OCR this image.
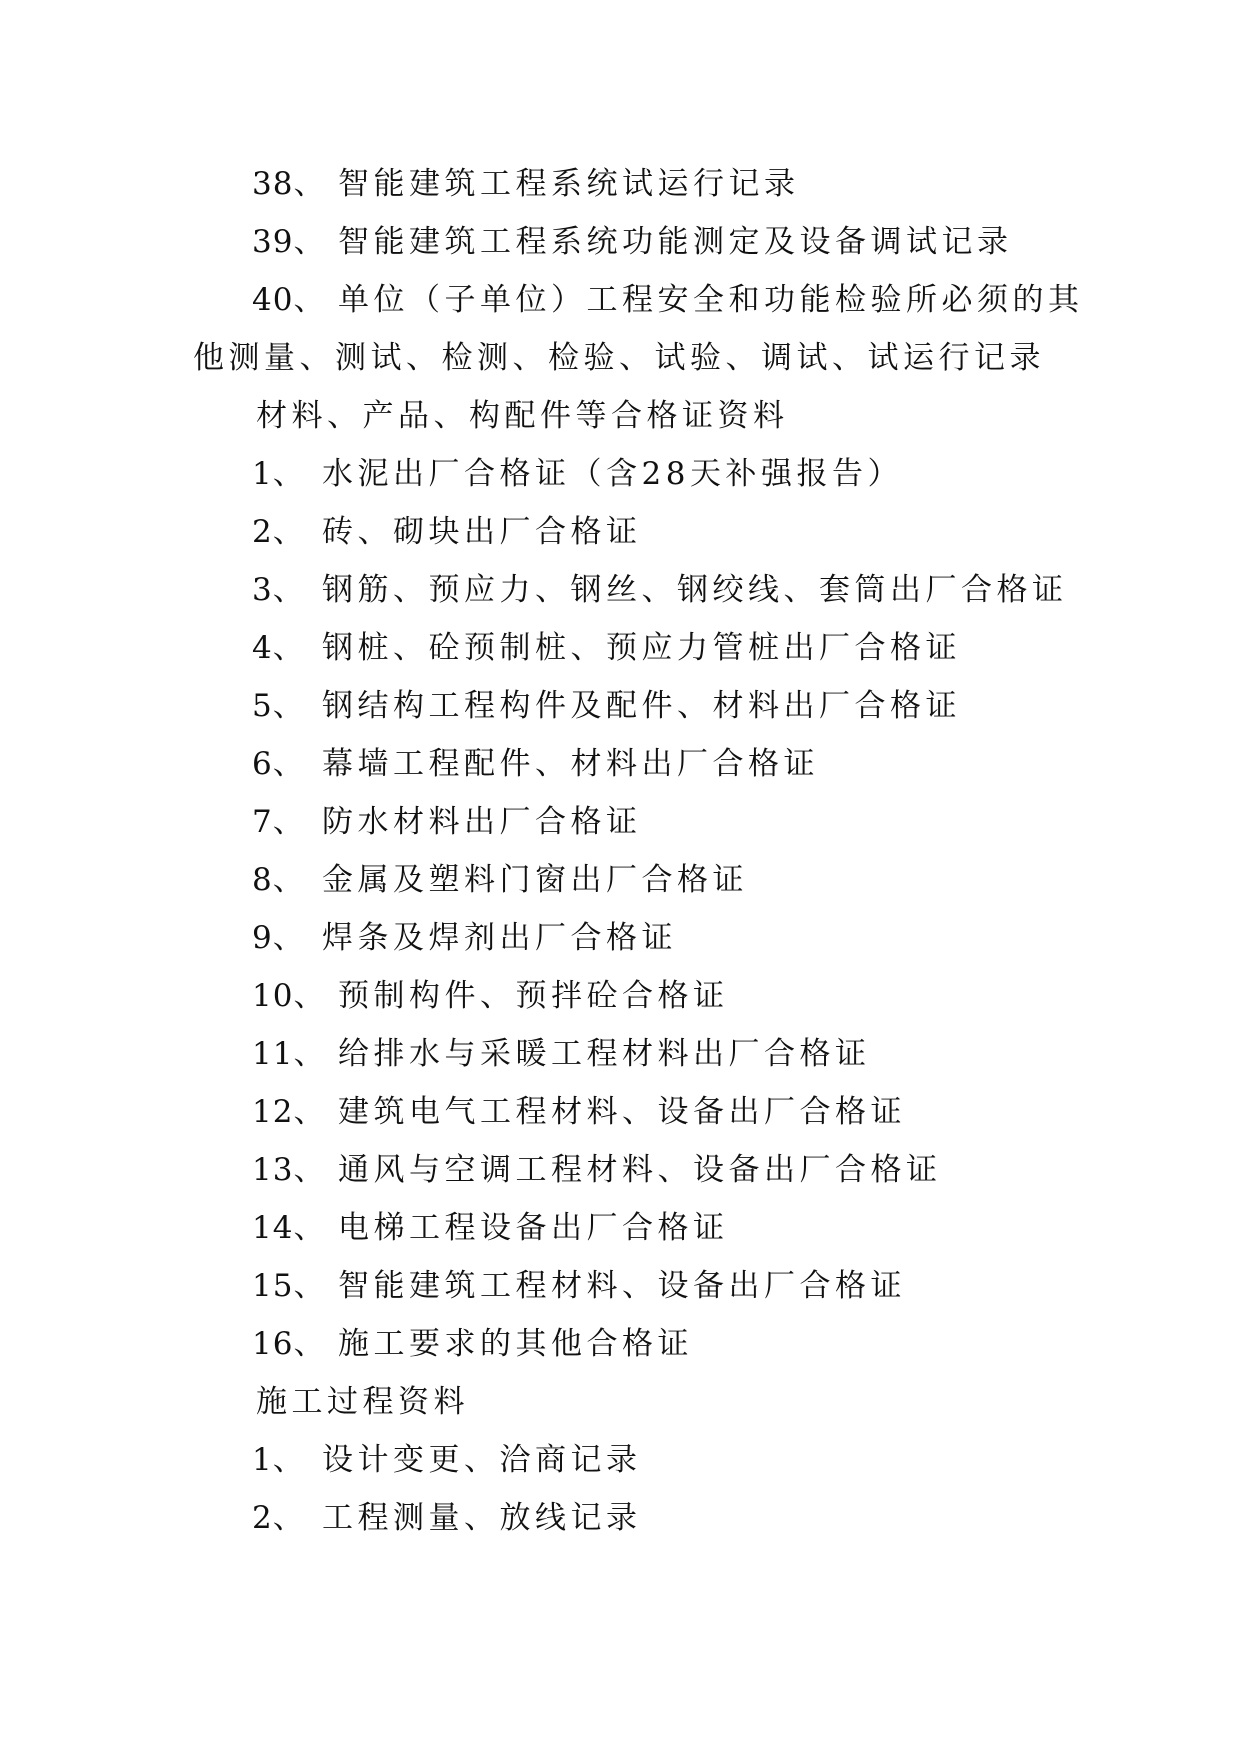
38、 智能建筑工程系统试运行记录
39、 智能建筑工程系统功能测定及设备调试记录
40、 单位（子单位）工程安全和功能检验所必须的其
他测量、测试、检测、检验、试验、调试、试运行记录
材料、产品、构配件等合格证资料
1、 水泥出厂合格证（含28天补强报告）
2、 砖、砌块出厂合格证
3、 钢筋、预应力、钢丝、钢绞线、套筒出厂合格证
4、 钢桩、砼预制桩、预应力管桩出厂合格证
5、 钢结构工程构件及配件、材料出厂合格证
6、 幕墙工程配件、材料出厂合格证
7、 防水材料出厂合格证
8、 金属及塑料门窗出厂合格证
9、 焊条及焊剂出厂合格证
10、 预制构件、预拌砼合格证
11、 给排水与采暖工程材料出厂合格证
12、 建筑电气工程材料、设备出厂合格证
13、 通风与空调工程材料、设备出厂合格证
14、 电梯工程设备出厂合格证
15、 智能建筑工程材料、设备出厂合格证
16、 施工要求的其他合格证
施工过程资料
1、 设计变更、洽商记录
2、 工程测量、放线记录
